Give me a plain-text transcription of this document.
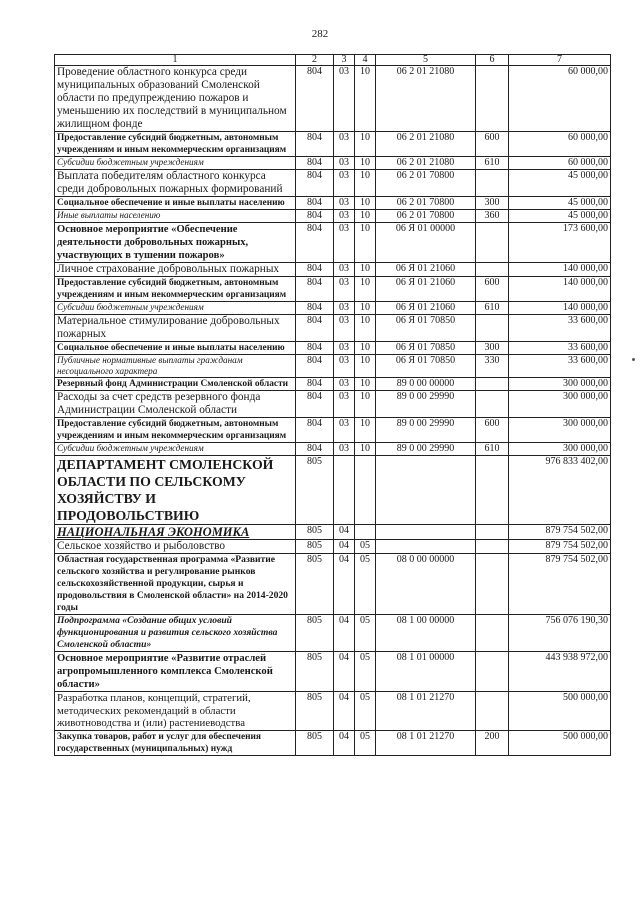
282
1	2	3	4	5	6	7
Проведение областного конкурса среди муниципальных образований Смоленской области по предупреждению пожаров и уменьшению их последствий в муниципальном жилищном фонде	804	03	10	06 2 01 21080		60 000,00
Предоставление субсидий бюджетным, автономным учреждениям и иным некоммерческим организациям	804	03	10	06 2 01 21080	600	60 000,00
Субсидии бюджетным учреждениям	804	03	10	06 2 01 21080	610	60 000,00
Выплата победителям областного конкурса среди добровольных пожарных формирований	804	03	10	06 2 01 70800		45 000,00
Социальное обеспечение и иные выплаты населению	804	03	10	06 2 01 70800	300	45 000,00
Иные выплаты населению	804	03	10	06 2 01 70800	360	45 000,00
Основное мероприятие «Обеспечение деятельности добровольных пожарных, участвующих в тушении пожаров»	804	03	10	06 Я 01 00000		173 600,00
Личное страхование добровольных пожарных	804	03	10	06 Я 01 21060		140 000,00
Предоставление субсидий бюджетным, автономным учреждениям и иным некоммерческим организациям	804	03	10	06 Я 01 21060	600	140 000,00
Субсидии бюджетным учреждениям	804	03	10	06 Я 01 21060	610	140 000,00
Материальное стимулирование добровольных пожарных	804	03	10	06 Я 01 70850		33 600,00
Социальное обеспечение и иные выплаты населению	804	03	10	06 Я 01 70850	300	33 600,00
Публичные нормативные выплаты гражданам несоциального характера	804	03	10	06 Я 01 70850	330	33 600,00
Резервный фонд Администрации Смоленской области	804	03	10	89 0 00 00000		300 000,00
Расходы за счет средств резервного фонда Администрации Смоленской области	804	03	10	89 0 00 29990		300 000,00
Предоставление субсидий бюджетным, автономным учреждениям и иным некоммерческим организациям	804	03	10	89 0 00 29990	600	300 000,00
Субсидии бюджетным учреждениям	804	03	10	89 0 00 29990	610	300 000,00
ДЕПАРТАМЕНТ СМОЛЕНСКОЙ ОБЛАСТИ ПО СЕЛЬСКОМУ ХОЗЯЙСТВУ И ПРОДОВОЛЬСТВИЮ	805					976 833 402,00
НАЦИОНАЛЬНАЯ ЭКОНОМИКА	805	04				879 754 502,00
Сельское хозяйство и рыболовство	805	04	05			879 754 502,00
Областная государственная программа «Развитие сельского хозяйства и регулирование рынков сельскохозяйственной продукции, сырья и продовольствия в Смоленской области» на 2014-2020 годы	805	04	05	08 0 00 00000		879 754 502,00
Подпрограмма «Создание общих условий функционирования и развития сельского хозяйства Смоленской области»	805	04	05	08 1 00 00000		756 076 190,30
Основное мероприятие «Развитие отраслей агропромышленного комплекса Смоленской области»	805	04	05	08 1 01 00000		443 938 972,00
Разработка планов, концепций, стратегий, методических рекомендаций в области животноводства и (или) растениеводства	805	04	05	08 1 01 21270		500 000,00
Закупка товаров, работ и услуг для обеспечения государственных (муниципальных) нужд	805	04	05	08 1 01 21270	200	500 000,00
